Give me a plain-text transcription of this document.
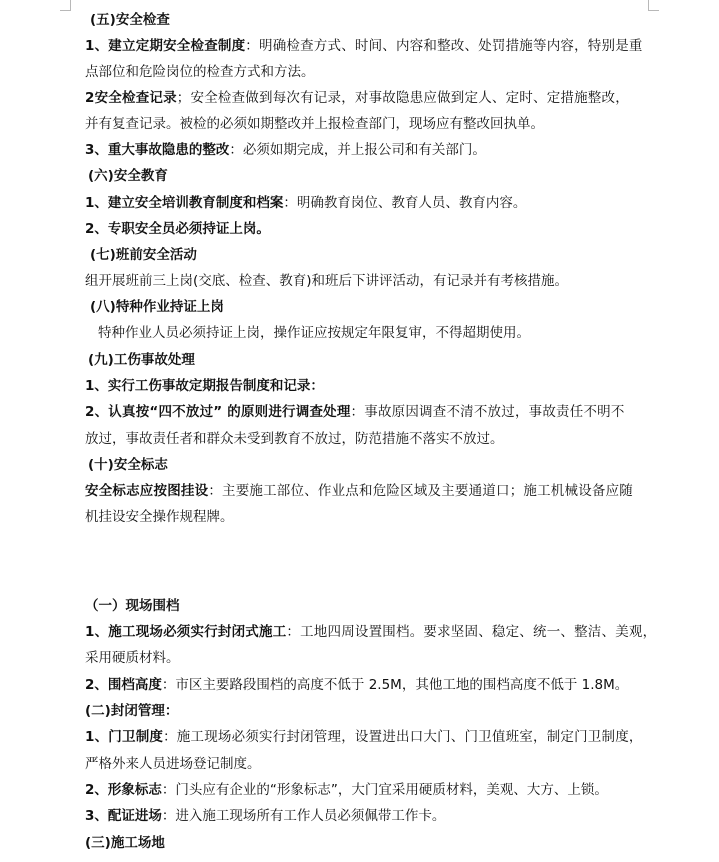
(五)安全检查
1、建立定期安全检查制度：明确检查方式、时间、内容和整改、处罚措施等内容，特别是重
点部位和危险岗位的检查方式和方法。
2安全检查记录；安全检查做到每次有记录，对事故隐患应做到定人、定时、定措施整改，
并有复查记录。被检的必须如期整改并上报检查部门，现场应有整改回执单。
3、重大事故隐患的整改：必须如期完成，并上报公司和有关部门。
(六)安全教育
1、建立安全培训教育制度和档案：明确教育岗位、教育人员、教育内容。
2、专职安全员必须持证上岗。
(七)班前安全活动
组开展班前三上岗(交底、检查、教育)和班后下讲评活动，有记录并有考核措施。
(八)特种作业持证上岗
特种作业人员必须持证上岗，操作证应按规定年限复审，不得超期使用。
(九)工伤事故处理
1、实行工伤事故定期报告制度和记录：
2、认真按“四不放过” 的原则进行调查处理：事故原因调查不清不放过，事故责任不明不
放过，事故责任者和群众未受到教育不放过，防范措施不落实不放过。
(十)安全标志
安全标志应按图挂设：主要施工部位、作业点和危险区域及主要通道口；施工机械设备应随
机挂设安全操作规程牌。
（一）现场围档
1、施工现场必须实行封闭式施工：工地四周设置围档。要求坚固、稳定、统一、整洁、美观，
采用硬质材料。
2、围档高度：市区主要路段围档的高度不低于 2.5M，其他工地的围档高度不低于 1.8M。
(二)封闭管理：
1、门卫制度：施工现场必须实行封闭管理，设置进出口大门、门卫值班室，制定门卫制度，
严格外来人员进场登记制度。
2、形象标志：门头应有企业的“形象标志”，大门宜采用硬质材料，美观、大方、上锁。
3、配证进场：进入施工现场所有工作人员必须佩带工作卡。
(三)施工场地
